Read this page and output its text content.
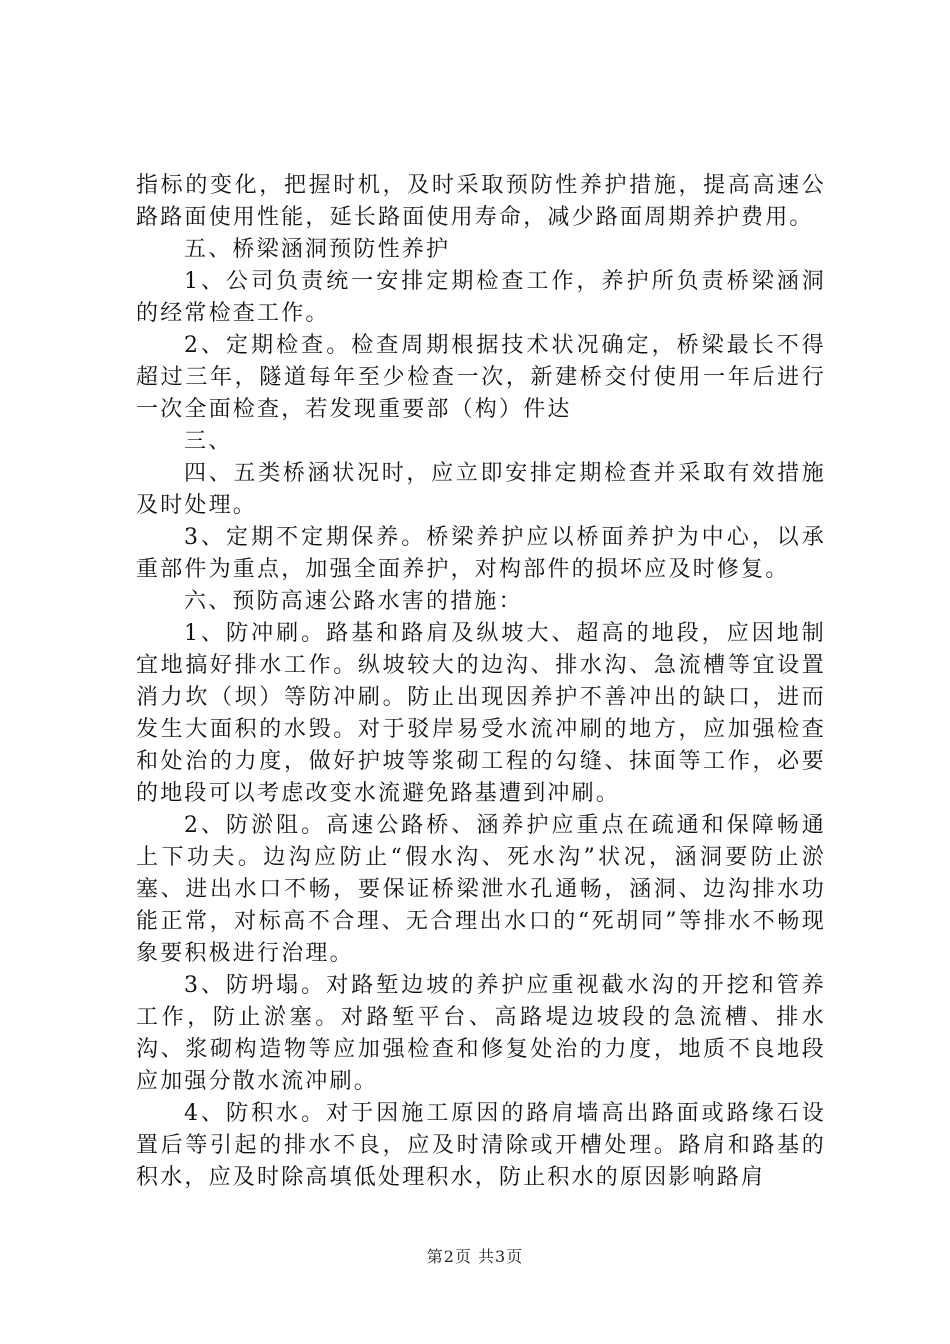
指标的变化，把握时机，及时采取预防性养护措施，提高高速公路路面使用性能，延长路面使用寿命，减少路面周期养护费用。

五、桥梁涵洞预防性养护

1、公司负责统一安排定期检查工作，养护所负责桥梁涵洞的经常检查工作。

2、定期检查。检查周期根据技术状况确定，桥梁最长不得超过三年，隧道每年至少检查一次，新建桥交付使用一年后进行一次全面检查，若发现重要部（构）件达

三、

四、五类桥涵状况时，应立即安排定期检查并采取有效措施及时处理。

3、定期不定期保养。桥梁养护应以桥面养护为中心，以承重部件为重点，加强全面养护，对构部件的损坏应及时修复。

六、预防高速公路水害的措施：

1、防冲刷。路基和路肩及纵坡大、超高的地段，应因地制宜地搞好排水工作。纵坡较大的边沟、排水沟、急流槽等宜设置消力坎（坝）等防冲刷。防止出现因养护不善冲出的缺口，进而发生大面积的水毁。对于驳岸易受水流冲刷的地方，应加强检查和处治的力度，做好护坡等浆砌工程的勾缝、抹面等工作，必要的地段可以考虑改变水流避免路基遭到冲刷。

2、防淤阻。高速公路桥、涵养护应重点在疏通和保障畅通上下功夫。边沟应防止“假水沟、死水沟”状况，涵洞要防止淤塞、进出水口不畅，要保证桥梁泄水孔通畅，涵洞、边沟排水功能正常，对标高不合理、无合理出水口的“死胡同”等排水不畅现象要积极进行治理。

3、防坍塌。对路堑边坡的养护应重视截水沟的开挖和管养工作，防止淤塞。对路堑平台、高路堤边坡段的急流槽、排水沟、浆砌构造物等应加强检查和修复处治的力度，地质不良地段应加强分散水流冲刷。

4、防积水。对于因施工原因的路肩墙高出路面或路缘石设置后等引起的排水不良，应及时清除或开槽处理。路肩和路基的积水，应及时除高填低处理积水，防止积水的原因影响路肩

第2页 共3页
